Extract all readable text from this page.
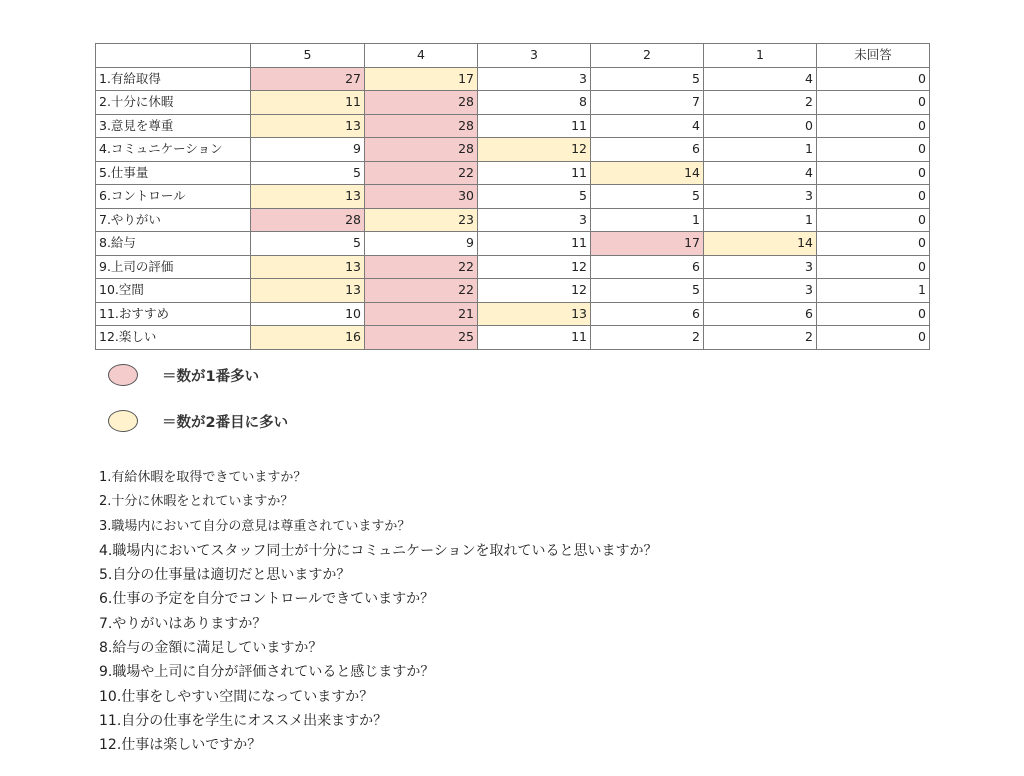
	5	4	3	2	1	未回答
1.有給取得	27	17	3	5	4	0
2.十分に休暇	11	28	8	7	2	0
3.意見を尊重	13	28	11	4	0	0
4.コミュニケーション	9	28	12	6	1	0
5.仕事量	5	22	11	14	4	0
6.コントロール	13	30	5	5	3	0
7.やりがい	28	23	3	1	1	0
8.給与	5	9	11	17	14	0
9.上司の評価	13	22	12	6	3	0
10.空間	13	22	12	5	3	1
11.おすすめ	10	21	13	6	6	0
12.楽しい	16	25	11	2	2	0
＝数が1番多い
＝数が2番目に多い
1.有給休暇を取得できていますか？
2.十分に休暇をとれていますか？
3.職場内において自分の意見は尊重されていますか？
4.職場内においてスタッフ同士が十分にコミュニケーションを取れていると思いますか？
5.自分の仕事量は適切だと思いますか？
6.仕事の予定を自分でコントロールできていますか？
7.やりがいはありますか？
8.給与の金額に満足していますか？
9.職場や上司に自分が評価されていると感じますか？
10.仕事をしやすい空間になっていますか？
11.自分の仕事を学生にオススメ出来ますか？
12.仕事は楽しいですか？
